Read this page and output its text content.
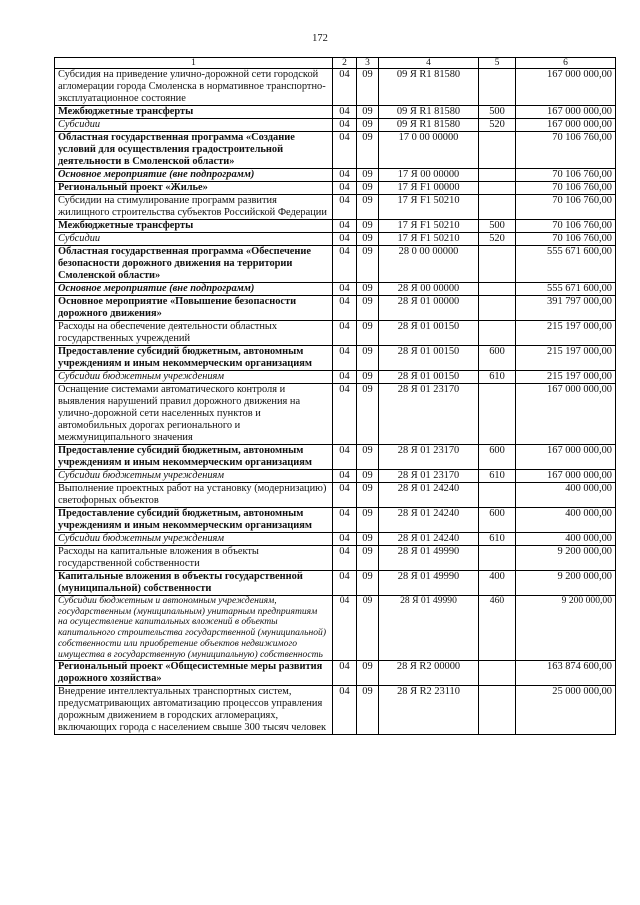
172
1	2	3	4	5	6
Субсидия на приведение улично-дорожной сети городской агломерации города Смоленска в нормативное транспортно-эксплуатационное состояние	04	09	09 Я R1 81580		167 000 000,00
Межбюджетные трансферты	04	09	09 Я R1 81580	500	167 000 000,00
Субсидии	04	09	09 Я R1 81580	520	167 000 000,00
Областная государственная программа «Создание условий для осуществления градостроительной деятельности в Смоленской области»	04	09	17 0 00 00000		70 106 760,00
Основное мероприятие (вне подпрограмм)	04	09	17 Я 00 00000		70 106 760,00
Региональный проект «Жилье»	04	09	17 Я F1 00000		70 106 760,00
Субсидии на стимулирование программ развития жилищного строительства субъектов Российской Федерации	04	09	17 Я F1 50210		70 106 760,00
Межбюджетные трансферты	04	09	17 Я F1 50210	500	70 106 760,00
Субсидии	04	09	17 Я F1 50210	520	70 106 760,00
Областная государственная программа «Обеспечение безопасности дорожного движения на территории Смоленской области»	04	09	28 0 00 00000		555 671 600,00
Основное мероприятие (вне подпрограмм)	04	09	28 Я 00 00000		555 671 600,00
Основное мероприятие «Повышение безопасности дорожного движения»	04	09	28 Я 01 00000		391 797 000,00
Расходы на обеспечение деятельности областных государственных учреждений	04	09	28 Я 01 00150		215 197 000,00
Предоставление субсидий бюджетным, автономным учреждениям и иным некоммерческим организациям	04	09	28 Я 01 00150	600	215 197 000,00
Субсидии бюджетным учреждениям	04	09	28 Я 01 00150	610	215 197 000,00
Оснащение системами автоматического контроля и выявления нарушений правил дорожного движения на улично-дорожной сети населенных пунктов и автомобильных дорогах регионального и межмуниципального значения	04	09	28 Я 01 23170		167 000 000,00
Предоставление субсидий бюджетным, автономным учреждениям и иным некоммерческим организациям	04	09	28 Я 01 23170	600	167 000 000,00
Субсидии бюджетным учреждениям	04	09	28 Я 01 23170	610	167 000 000,00
Выполнение проектных работ на установку (модернизацию) светофорных объектов	04	09	28 Я 01 24240		400 000,00
Предоставление субсидий бюджетным, автономным учреждениям и иным некоммерческим организациям	04	09	28 Я 01 24240	600	400 000,00
Субсидии бюджетным учреждениям	04	09	28 Я 01 24240	610	400 000,00
Расходы на капитальные вложения в объекты государственной собственности	04	09	28 Я 01 49990		9 200 000,00
Капитальные вложения в объекты государственной (муниципальной) собственности	04	09	28 Я 01 49990	400	9 200 000,00
Субсидии бюджетным и автономным учреждениям, государственным (муниципальным) унитарным предприятиям на осуществление капитальных вложений в объекты капитального строительства государственной (муниципальной) собственности или приобретение объектов недвижимого имущества в государственную (муниципальную) собственность	04	09	28 Я 01 49990	460	9 200 000,00
Региональный проект «Общесистемные меры развития дорожного хозяйства»	04	09	28 Я R2 00000		163 874 600,00
Внедрение интеллектуальных транспортных систем, предусматривающих автоматизацию процессов управления дорожным движением в городских агломерациях, включающих города с населением свыше 300 тысяч человек	04	09	28 Я R2 23110		25 000 000,00
